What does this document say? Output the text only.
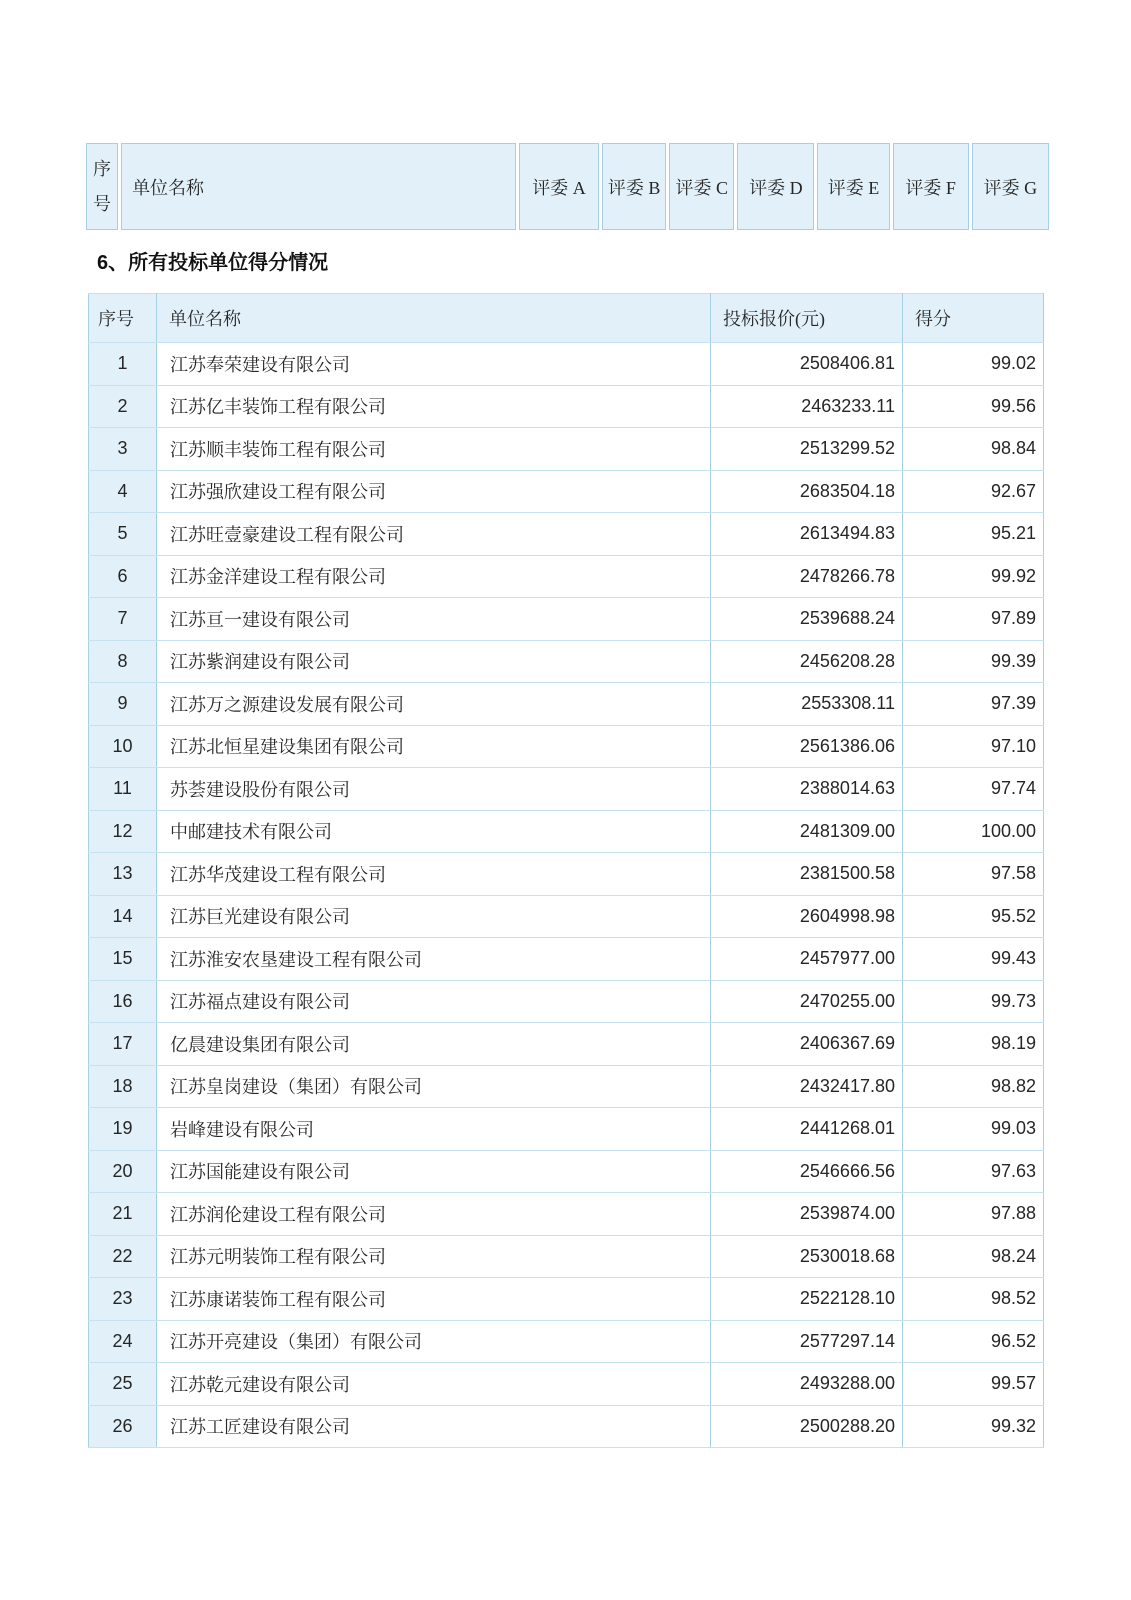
序
号
	单位名称	评委 A	评委 B	评委 C	评委 D	评委 E	评委 F	评委 G
6、所有投标单位得分情况
序号	单位名称	投标报价(元)	得分
1	江苏奉荣建设有限公司	2508406.81	99.02
2	江苏亿丰装饰工程有限公司	2463233.11	99.56
3	江苏顺丰装饰工程有限公司	2513299.52	98.84
4	江苏强欣建设工程有限公司	2683504.18	92.67
5	江苏旺壹豪建设工程有限公司	2613494.83	95.21
6	江苏金洋建设工程有限公司	2478266.78	99.92
7	江苏亘一建设有限公司	2539688.24	97.89
8	江苏紫润建设有限公司	2456208.28	99.39
9	江苏万之源建设发展有限公司	2553308.11	97.39
10	江苏北恒星建设集团有限公司	2561386.06	97.10
11	苏荟建设股份有限公司	2388014.63	97.74
12	中邮建技术有限公司	2481309.00	100.00
13	江苏华茂建设工程有限公司	2381500.58	97.58
14	江苏巨光建设有限公司	2604998.98	95.52
15	江苏淮安农垦建设工程有限公司	2457977.00	99.43
16	江苏福点建设有限公司	2470255.00	99.73
17	亿晨建设集团有限公司	2406367.69	98.19
18	江苏皇岗建设（集团）有限公司	2432417.80	98.82
19	岩峰建设有限公司	2441268.01	99.03
20	江苏国能建设有限公司	2546666.56	97.63
21	江苏润伦建设工程有限公司	2539874.00	97.88
22	江苏元明装饰工程有限公司	2530018.68	98.24
23	江苏康诺装饰工程有限公司	2522128.10	98.52
24	江苏开亮建设（集团）有限公司	2577297.14	96.52
25	江苏乾元建设有限公司	2493288.00	99.57
26	江苏工匠建设有限公司	2500288.20	99.32
